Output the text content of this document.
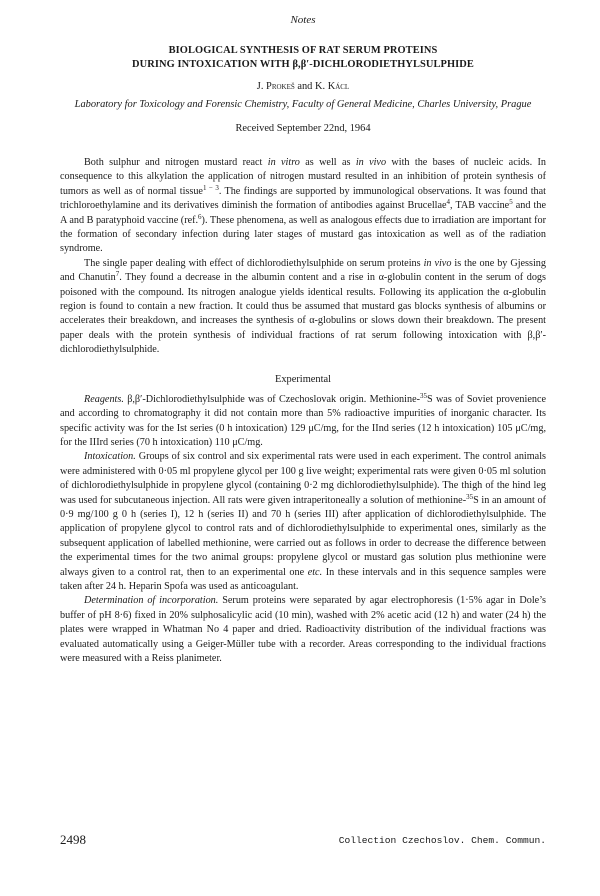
Notes
BIOLOGICAL SYNTHESIS OF RAT SERUM PROTEINS
DURING INTOXICATION WITH β,β′-DICHLORODIETHYLSULPHIDE
J. Prokeš and K. Kácl
Laboratory for Toxicology and Forensic Chemistry, Faculty of General Medicine, Charles University, Prague
Received September 22nd, 1964

Both sulphur and nitrogen mustard react in vitro as well as in vivo with the bases of nucleic acids. In consequence to this alkylation the application of nitrogen mustard resulted in an inhibition of protein synthesis of tumors as well as of normal tissue$^{1 - 3}$. The findings are supported by immunological observations. It was found that trichloroethylamine and its derivatives diminish the formation of antibodies against Brucellae$^4$, TAB vaccine$^5$ and the A and B paratyphoid vaccine (ref.$^6$). These phenomena, as well as analogous effects due to irradiation are important for the formation of secondary infection during later stages of mustard gas intoxication as well as of the radiation syndrome.

The single paper dealing with effect of dichlorodiethylsulphide on serum proteins in vivo is the one by Gjessing and Chanutin$^7$. They found a decrease in the albumin content and a rise in α-globulin content in the serum of dogs poisoned with the compound. Its nitrogen analogue yields identical results. Following its application the α-globulin region is found to contain a new fraction. It could thus be assumed that mustard gas blocks synthesis of albumins or accelerates their breakdown, and increases the synthesis of α-globulins or slows down their breakdown. The present paper deals with the protein synthesis of individual fractions of rat serum following intoxication with β,β′-dichlorodiethylsulphide.

Experimental

Reagents. β,β′-Dichlorodiethylsulphide was of Czechoslovak origin. Methionine-$^{35}$S was of Soviet provenience and according to chromatography it did not contain more than 5% radioactive impurities of inorganic character. Its specific activity was for the Ist series (0 h intoxication) 129 μC/mg, for the IInd series (12 h intoxication) 105 μC/mg, for the IIIrd series (70 h intoxication) 110 μC/mg.

Intoxication. Groups of six control and six experimental rats were used in each experiment. The control animals were administered with 0·05 ml propylene glycol per 100 g live weight; experimental rats were given 0·05 ml solution of dichlorodiethylsulphide in propylene glycol (containing 0·2 mg dichlorodiethylsulphide). The thigh of the hind leg was used for subcutaneous injection. All rats were given intraperitoneally a solution of methionine-$^{35}$S in an amount of 0·9 mg/100 g 0 h (series I), 12 h (series II) and 70 h (series III) after application of dichlorodiethylsulphide. The application of propylene glycol to control rats and of dichlorodiethylsulphide to experimental ones, similarly as the subsequent application of labelled methionine, were carried out as follows in order to decrease the difference between the experimental times for the two animal groups: propylene glycol or mustard gas solution plus methionine were always given to a control rat, then to an experimental one etc. In these intervals and in this sequence samples were taken after 24 h. Heparin Spofa was used as anticoagulant.

Determination of incorporation. Serum proteins were separated by agar electrophoresis (1·5% agar in Dole’s buffer of pH 8·6) fixed in 20% sulphosalicylic acid (10 min), washed with 2% acetic acid (12 h) and water (24 h) the plates were wrapped in Whatman No 4 paper and dried. Radioactivity distribution of the individual fractions was evaluated automatically using a Geiger-Müller tube with a recorder. Areas corresponding to the individual fractions were measured with a Reiss planimeter.

2498	Collection Czechoslov. Chem. Commun.
